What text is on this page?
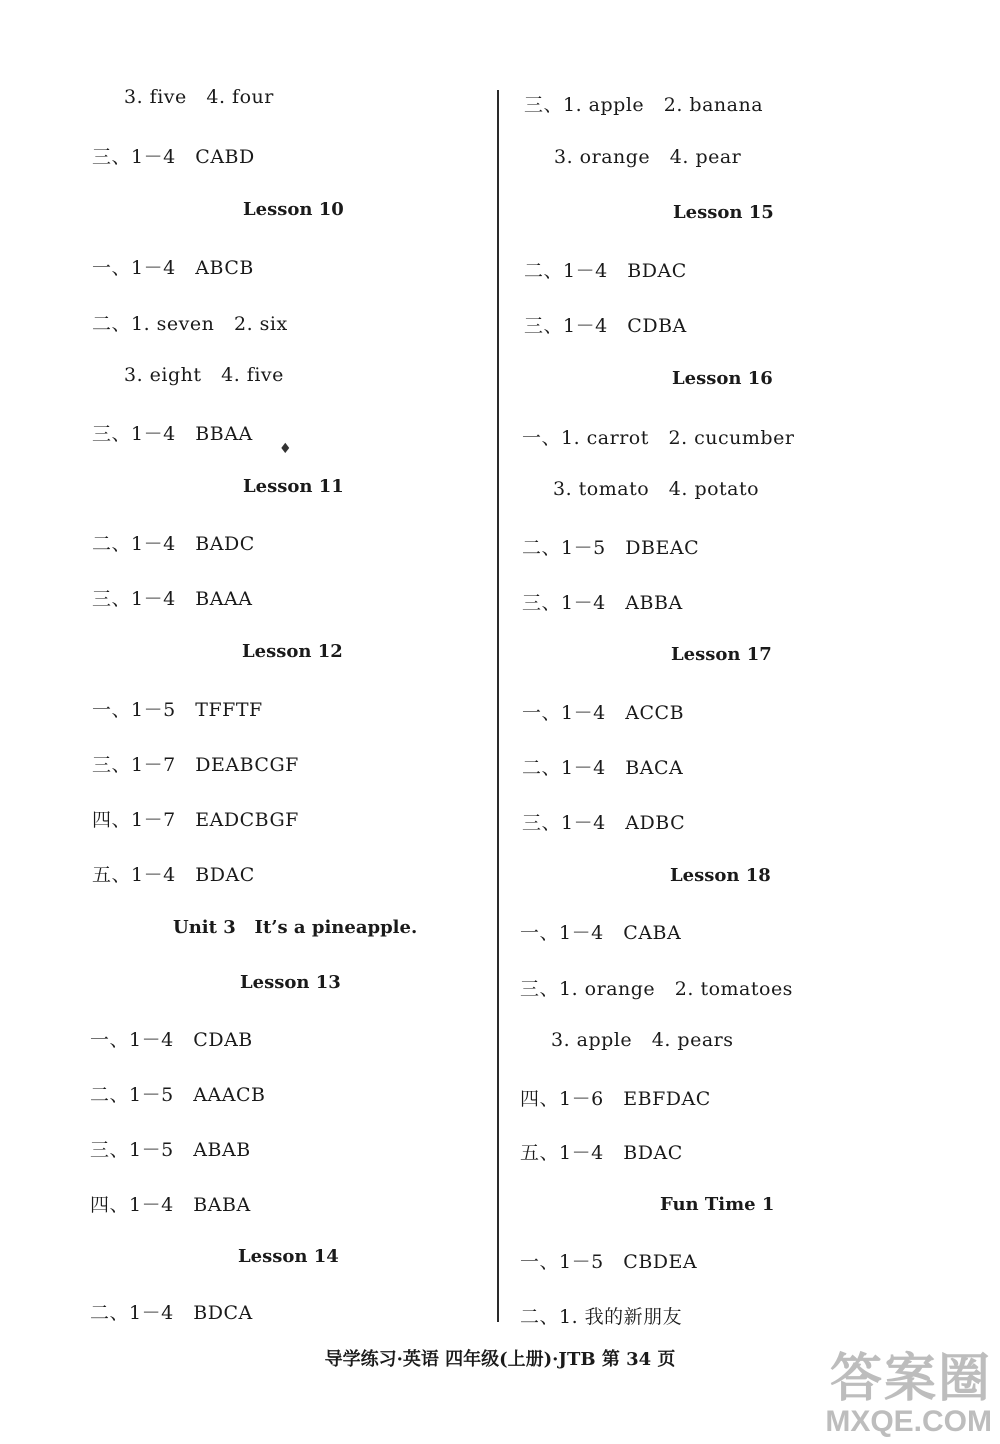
3. five   4. four
三、1－4   CABD
Lesson 10
一、1－4   ABCB
二、1. seven   2. six
3. eight   4. five
三、1－4   BBAA
♦
Lesson 11
二、1－4   BADC
三、1－4   BAAA
Lesson 12
一、1－5   TFFTF
三、1－7   DEABCGF
四、1－7   EADCBGF
五、1－4   BDAC
Unit 3   It’s a pineapple.
Lesson 13
一、1－4   CDAB
二、1－5   AAACB
三、1－5   ABAB
四、1－4   BABA
Lesson 14
二、1－4   BDCA
三、1. apple   2. banana
3. orange   4. pear
Lesson 15
二、1－4   BDAC
三、1－4   CDBA
Lesson 16
一、1. carrot   2. cucumber
3. tomato   4. potato
二、1－5   DBEAC
三、1－4   ABBA
Lesson 17
一、1－4   ACCB
二、1－4   BACA
三、1－4   ADBC
Lesson 18
一、1－4   CABA
三、1. orange   2. tomatoes
3. apple   4. pears
四、1－6   EBFDAC
五、1－4   BDAC
Fun Time 1
一、1－5   CBDEA
二、1. 我的新朋友
导学练习·英语 四年级(上册)·JTB 第 34 页	答案圈
MXQE.COM
